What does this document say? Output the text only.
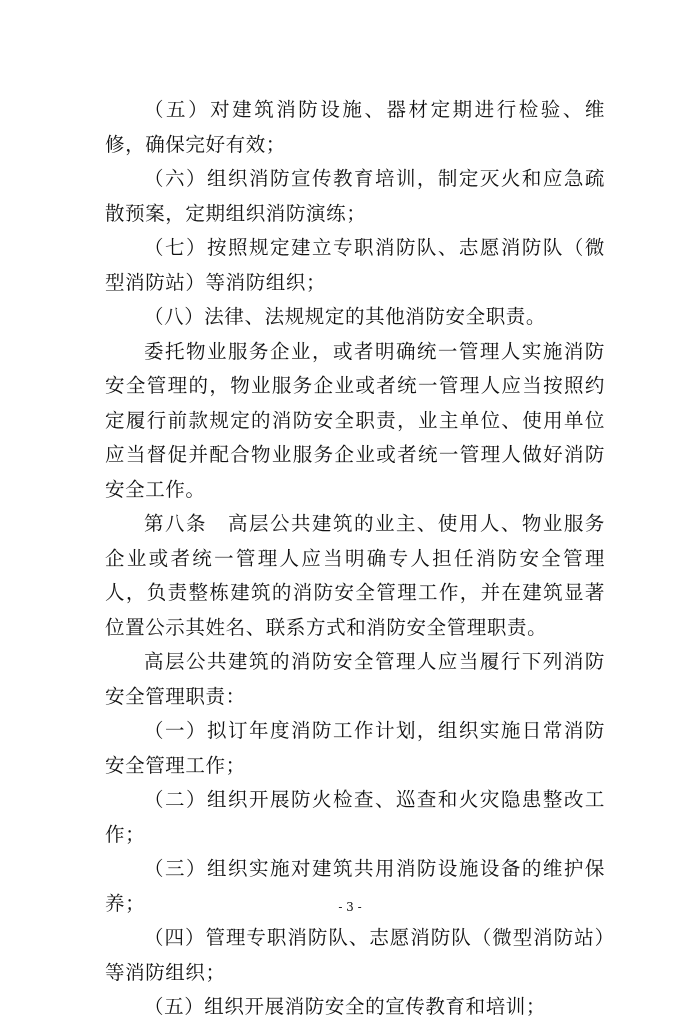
（五）对建筑消防设施、器材定期进行检验、维修，确保完好有效；

（六）组织消防宣传教育培训，制定灭火和应急疏散预案，定期组织消防演练；

（七）按照规定建立专职消防队、志愿消防队（微型消防站）等消防组织；

（八）法律、法规规定的其他消防安全职责。

委托物业服务企业，或者明确统一管理人实施消防安全管理的，物业服务企业或者统一管理人应当按照约定履行前款规定的消防安全职责，业主单位、使用单位应当督促并配合物业服务企业或者统一管理人做好消防安全工作。

第八条　高层公共建筑的业主、使用人、物业服务企业或者统一管理人应当明确专人担任消防安全管理人，负责整栋建筑的消防安全管理工作，并在建筑显著位置公示其姓名、联系方式和消防安全管理职责。

高层公共建筑的消防安全管理人应当履行下列消防安全管理职责：

（一）拟订年度消防工作计划，组织实施日常消防安全管理工作；

（二）组织开展防火检查、巡查和火灾隐患整改工作；

（三）组织实施对建筑共用消防设施设备的维护保养；

（四）管理专职消防队、志愿消防队（微型消防站）等消防组织；

（五）组织开展消防安全的宣传教育和培训；

- 3 -
